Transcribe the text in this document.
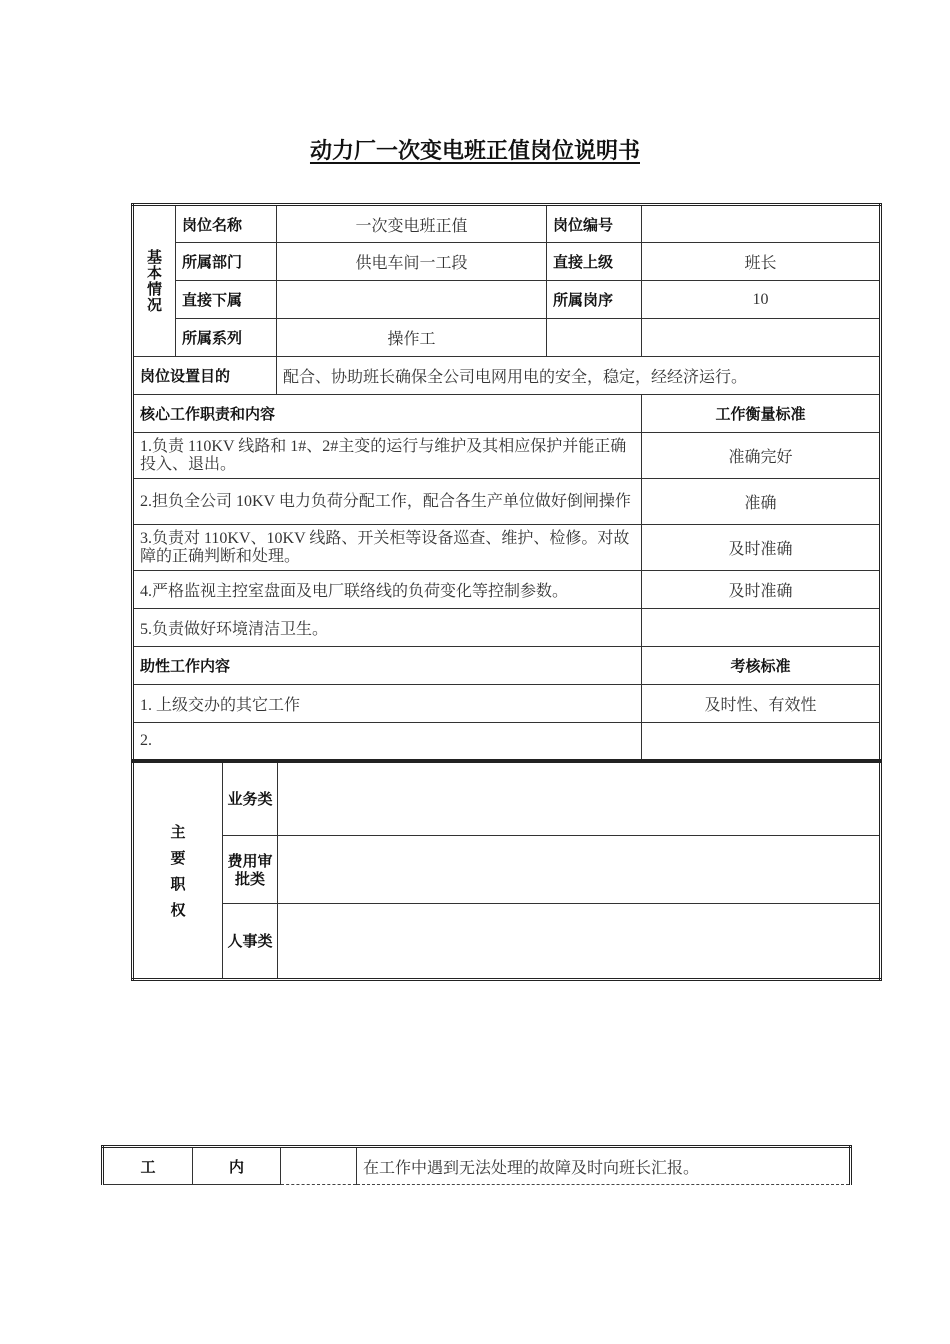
动力厂一次变电班正值岗位说明书
基本情况	岗位名称	一次变电班正值	岗位编号	
	所属部门	供电车间一工段	直接上级	班长
	直接下属		所属岗序	10
	所属系列	操作工		
岗位设置目的		配合、协助班长确保全公司电网用电的安全，稳定，经经济运行。		
核心工作职责和内容				工作衡量标准
1.负责 110KV 线路和 1#、2#主变的运行与维护及其相应保护并能正确投入、退出。				准确完好
2.担负全公司 10KV 电力负荷分配工作，配合各生产单位做好倒闸操作				准确
3.负责对 110KV、10KV 线路、开关柜等设备巡查、维护、检修。对故障的正确判断和处理。				及时准确
4.严格监视主控室盘面及电厂联络线的负荷变化等控制参数。				及时准确
5.负责做好环境清洁卫生。				
助性工作内容				考核标准
1. 上级交办的其它工作				及时性、有效性
2.				
主要职权	业务类	
	费用审批类	
	人事类	
工	内		在工作中遇到无法处理的故障及时向班长汇报。
